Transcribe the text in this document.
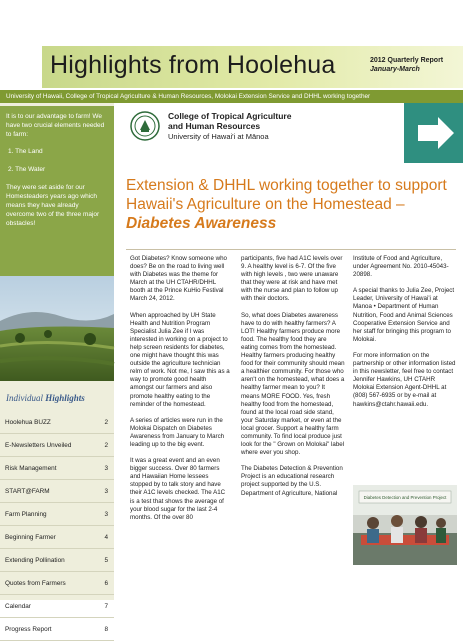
Highlights from Hoolehua	2012 Quarterly Report
January-March
University of Hawaii, College of Tropical Agriculture & Human Resources, Molokai Extension Service and DHHL working together

It is to our advantage to farm! We have two crucial elements needed to farm:

1. The Land
2. The Water

They were set aside for our Homesteaders years ago which means they have already overcome two of the three major obstacles!

Individual Highlights
Hoolehua BUZZ	2
E-Newsletters Unveiled	2
Risk Management	3
START@FARM	3
Farm Planning	3
Beginning Farmer	4
Extending Pollination	5
Quotes from Farmers	6
Calendar	7
Progress Report	8
College of Tropical Agriculture
and Human Resources
University of Hawai'i at Mānoa
Extension & DHHL working together to support Hawaii's Agriculture on the Homestead – Diabetes Awareness

Got Diabetes? Know someone who does? Be on the road to living well with Diabetes was the theme for March at the UH CTAHR/DHHL booth at the Prince KuHio Festival March 24, 2012.

When approached by UH State Health and Nutrition Program Specialist Julia Zee if I was interested in working on a project to help screen residents for diabetes, one might have thought this was outside the agriculture technician relm of work. Not me, I saw this as a way to promote good health amongst our farmers and also promote healthy eating to the reminder of the homestead.

A series of articles were run in the Molokai Dispatch on Diabetes Awareness from January to March leading up to the big event.

It was a great event and an even bigger success. Over 80 farmers and Hawaiian Home lessees stopped by to talk story and have their A1C levels checked. The A1C is a test that shows the average of your blood sugar for the last 2-4 months. Of the over 80

participants, five had A1C levels over 9. A healthy level is 6-7. Of the five with high levels , two were unaware that they were at risk and have met with the nurse and plan to follow up with their doctors.

So, what does Diabetes awareness have to do with healthy farmers? A LOT! Healthy farmers produce more food. The healthy food they are eating comes from the homestead. Healthy farmers producing healthy food for their community should mean a healthier community. For those who aren't on the homestead, what does a healthy farmer mean to you? It means MORE FOOD. Yes, fresh healthy food from the homestead, found at the local road side stand, your Saturday market, or even at the local grocer. Support a healthy farm community. To find local produce just look for the " Grown on Molokai" label where ever you shop.

The Diabetes Detection & Prevention Project is an educational research project supported by the U.S. Department of Agriculture, National

Institute of Food and Agriculture, under Agreement No. 2010-45043-20898.

A special thanks to Julia Zee, Project Leader, University of Hawai'i at Manoa • Department of Human Nutrition, Food and Animal Sciences Cooperative Extension Service and her staff for bringing this program to Molokai.

For more information on the partnership or other information listed in this newsletter, feel free to contact Jennifer Hawkins, UH CTAHR Molokai Extension Agent-DHHL at (808) 567-6935 or by e-mail at hawkins@ctahr.hawaii.edu.

Diabetes Detection and Prevention Project
